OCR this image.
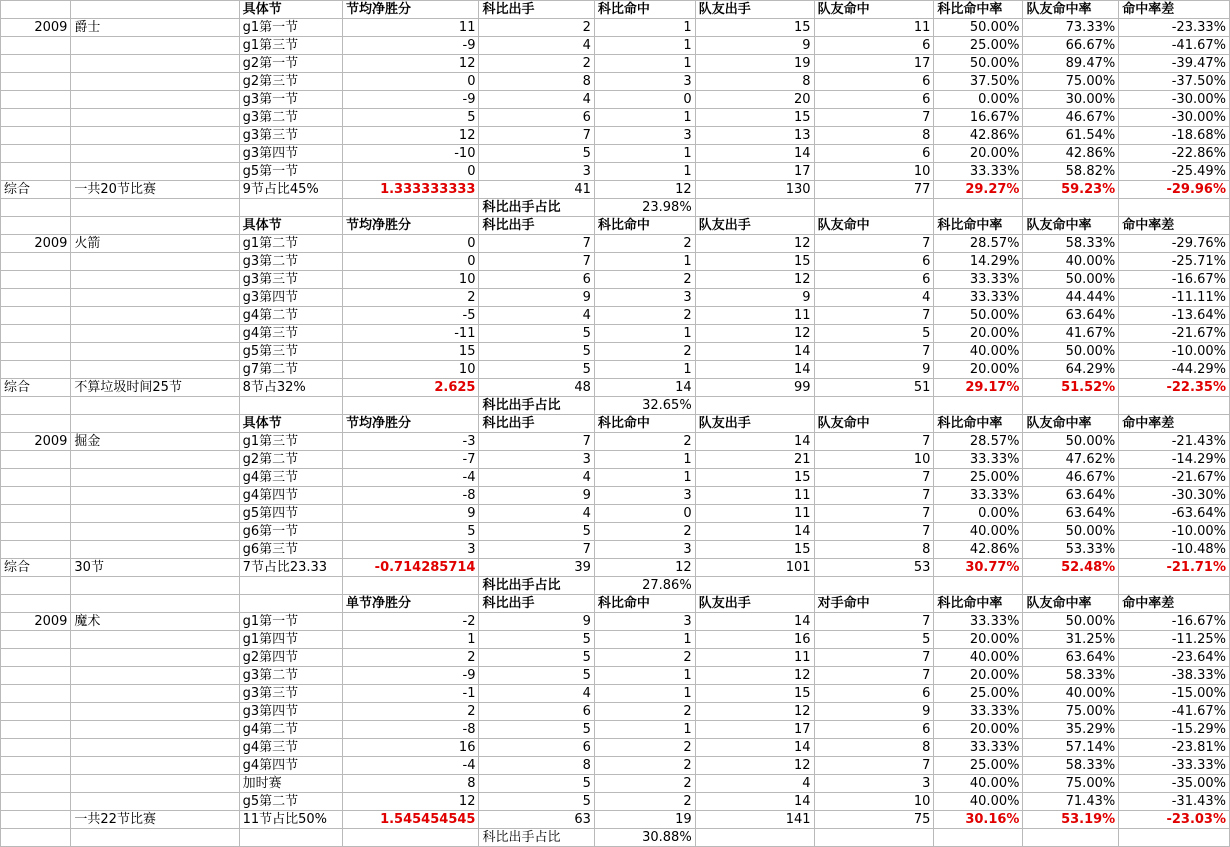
		具体节	节均净胜分	科比出手	科比命中	队友出手	队友命中	科比命中率	队友命中率	命中率差
2009	爵士	g1第一节	11	2	1	15	11	50.00%	73.33%	-23.33%
		g1第三节	-9	4	1	9	6	25.00%	66.67%	-41.67%
		g2第一节	12	2	1	19	17	50.00%	89.47%	-39.47%
		g2第三节	0	8	3	8	6	37.50%	75.00%	-37.50%
		g3第一节	-9	4	0	20	6	0.00%	30.00%	-30.00%
		g3第二节	5	6	1	15	7	16.67%	46.67%	-30.00%
		g3第三节	12	7	3	13	8	42.86%	61.54%	-18.68%
		g3第四节	-10	5	1	14	6	20.00%	42.86%	-22.86%
		g5第一节	0	3	1	17	10	33.33%	58.82%	-25.49%
综合	一共20节比赛	9节占比45%	1.333333333	41	12	130	77	29.27%	59.23%	-29.96%
				科比出手占比	23.98%					
		具体节	节均净胜分	科比出手	科比命中	队友出手	队友命中	科比命中率	队友命中率	命中率差
2009	火箭	g1第二节	0	7	2	12	7	28.57%	58.33%	-29.76%
		g3第二节	0	7	1	15	6	14.29%	40.00%	-25.71%
		g3第三节	10	6	2	12	6	33.33%	50.00%	-16.67%
		g3第四节	2	9	3	9	4	33.33%	44.44%	-11.11%
		g4第二节	-5	4	2	11	7	50.00%	63.64%	-13.64%
		g4第三节	-11	5	1	12	5	20.00%	41.67%	-21.67%
		g5第三节	15	5	2	14	7	40.00%	50.00%	-10.00%
		g7第二节	10	5	1	14	9	20.00%	64.29%	-44.29%
综合	不算垃圾时间25节	8节占32%	2.625	48	14	99	51	29.17%	51.52%	-22.35%
				科比出手占比	32.65%					
		具体节	节均净胜分	科比出手	科比命中	队友出手	队友命中	科比命中率	队友命中率	命中率差
2009	掘金	g1第三节	-3	7	2	14	7	28.57%	50.00%	-21.43%
		g2第二节	-7	3	1	21	10	33.33%	47.62%	-14.29%
		g4第三节	-4	4	1	15	7	25.00%	46.67%	-21.67%
		g4第四节	-8	9	3	11	7	33.33%	63.64%	-30.30%
		g5第四节	9	4	0	11	7	0.00%	63.64%	-63.64%
		g6第一节	5	5	2	14	7	40.00%	50.00%	-10.00%
		g6第三节	3	7	3	15	8	42.86%	53.33%	-10.48%
综合	30节	7节占比23.33	-0.714285714	39	12	101	53	30.77%	52.48%	-21.71%
				科比出手占比	27.86%					
			单节净胜分	科比出手	科比命中	队友出手	对手命中	科比命中率	队友命中率	命中率差
2009	魔术	g1第一节	-2	9	3	14	7	33.33%	50.00%	-16.67%
		g1第四节	1	5	1	16	5	20.00%	31.25%	-11.25%
		g2第四节	2	5	2	11	7	40.00%	63.64%	-23.64%
		g3第二节	-9	5	1	12	7	20.00%	58.33%	-38.33%
		g3第三节	-1	4	1	15	6	25.00%	40.00%	-15.00%
		g3第四节	2	6	2	12	9	33.33%	75.00%	-41.67%
		g4第二节	-8	5	1	17	6	20.00%	35.29%	-15.29%
		g4第三节	16	6	2	14	8	33.33%	57.14%	-23.81%
		g4第四节	-4	8	2	12	7	25.00%	58.33%	-33.33%
		加时赛	8	5	2	4	3	40.00%	75.00%	-35.00%
		g5第二节	12	5	2	14	10	40.00%	71.43%	-31.43%
	一共22节比赛	11节占比50%	1.545454545	63	19	141	75	30.16%	53.19%	-23.03%
				科比出手占比	30.88%					
